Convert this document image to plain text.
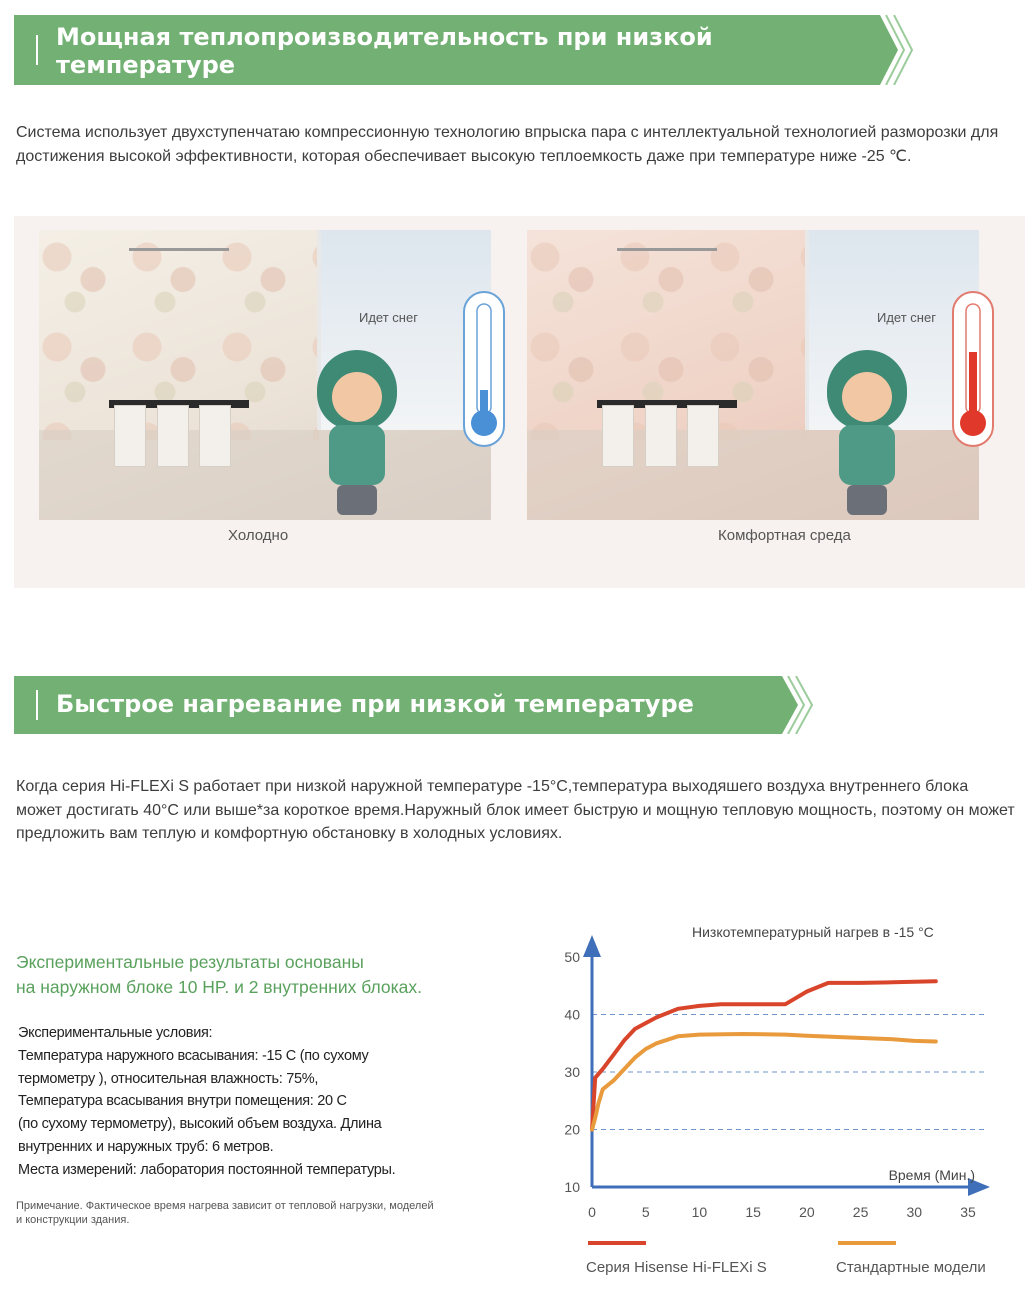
Мощная теплопроизводительность при низкой температуре
Система использует двухступенчатаю компрессионную технологию впрыска пара с интеллектуальной технологией разморозки для достижения высокой эффективности, которая обеспечивает высокую теплоемкость даже при температуре ниже -25 ℃.
Идет снег
Холодно
Идет снег
Комфортная среда
Быстрое нагревание при низкой температуре
Когда серия Hi-FLEXi S работает при низкой наружной температуре -15°C,температура выходяшего воздуха внутреннего блока может достигать 40°C или выше*за короткое время.Наружный блок имеет быструю и мощную тепловую мощность, поэтому он может предложить вам теплую и комфортную обстановку в холодных условиях.
Экспериментальные результаты основаны
на наружном блоке 10 HP. и 2 внутренних блоках.
Экспериментальные условия:
Температура наружного всасывания: -15 C (по сухому
термометру ), относительная влажность: 75%,
Температура всасывания внутри помещения: 20 C
(по сухому термометру), высокий объем воздуха. Длина
внутренних и наружных труб: 6 метров.
Места измерений: лаборатория постоянной температуры.
Примечание. Фактическое время нагрева зависит от тепловой нагрузки, моделей
и конструкции здания.
Низкотемпературный нагрев в -15 °C
10
20
30
40
50
0	5	10	15	20	25	30	35
Время (Мин.)
Серия Hisense Hi-FLEXi S	Стандартные модели
